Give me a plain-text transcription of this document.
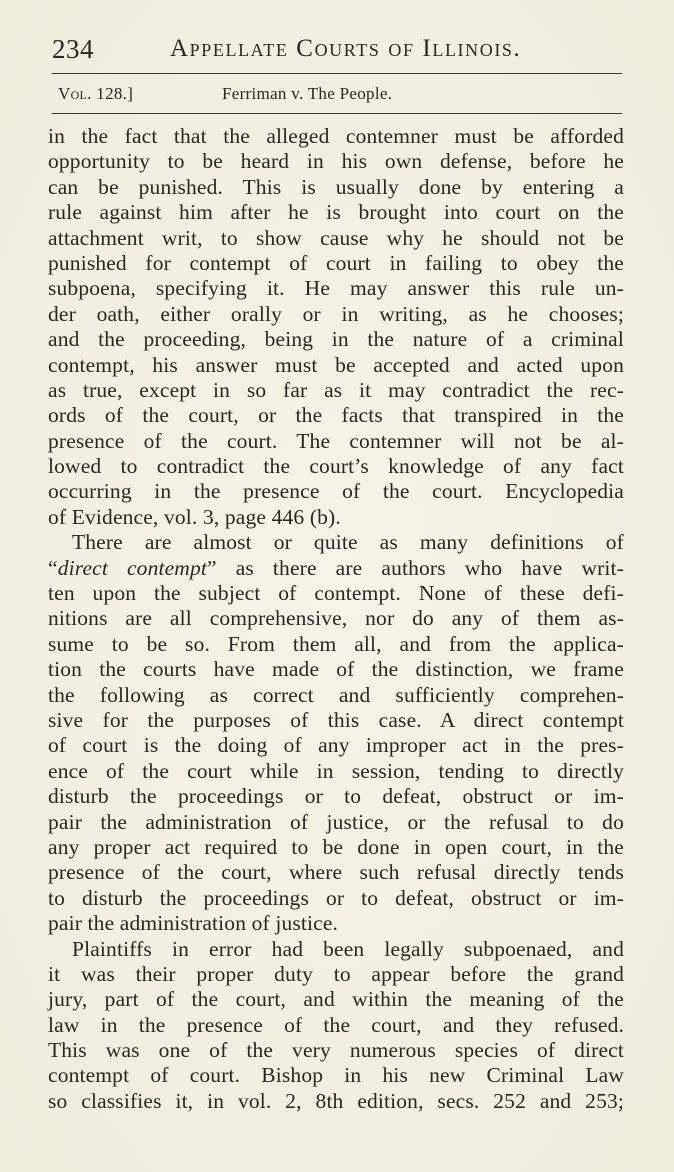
234	Appellate Courts of Illinois.
Vol. 128.]	Ferriman v. The People.
in the fact that the alleged contemner must be afforded
opportunity to be heard in his own defense, before he
can be punished. This is usually done by entering a
rule against him after he is brought into court on the
attachment writ, to show cause why he should not be
punished for contempt of court in failing to obey the
subpoena, specifying it. He may answer this rule un-
der oath, either orally or in writing, as he chooses;
and the proceeding, being in the nature of a criminal
contempt, his answer must be accepted and acted upon
as true, except in so far as it may contradict the rec-
ords of the court, or the facts that transpired in the
presence of the court. The contemner will not be al-
lowed to contradict the court’s knowledge of any fact
occurring in the presence of the court. Encyclopedia
of Evidence, vol. 3, page 446 (b).
There are almost or quite as many definitions of
“direct contempt” as there are authors who have writ-
ten upon the subject of contempt. None of these defi-
nitions are all comprehensive, nor do any of them as-
sume to be so. From them all, and from the applica-
tion the courts have made of the distinction, we frame
the following as correct and sufficiently comprehen-
sive for the purposes of this case. A direct contempt
of court is the doing of any improper act in the pres-
ence of the court while in session, tending to directly
disturb the proceedings or to defeat, obstruct or im-
pair the administration of justice, or the refusal to do
any proper act required to be done in open court, in the
presence of the court, where such refusal directly tends
to disturb the proceedings or to defeat, obstruct or im-
pair the administration of justice.
Plaintiffs in error had been legally subpoenaed, and
it was their proper duty to appear before the grand
jury, part of the court, and within the meaning of the
law in the presence of the court, and they refused.
This was one of the very numerous species of direct
contempt of court. Bishop in his new Criminal Law
so classifies it, in vol. 2, 8th edition, secs. 252 and 253;
